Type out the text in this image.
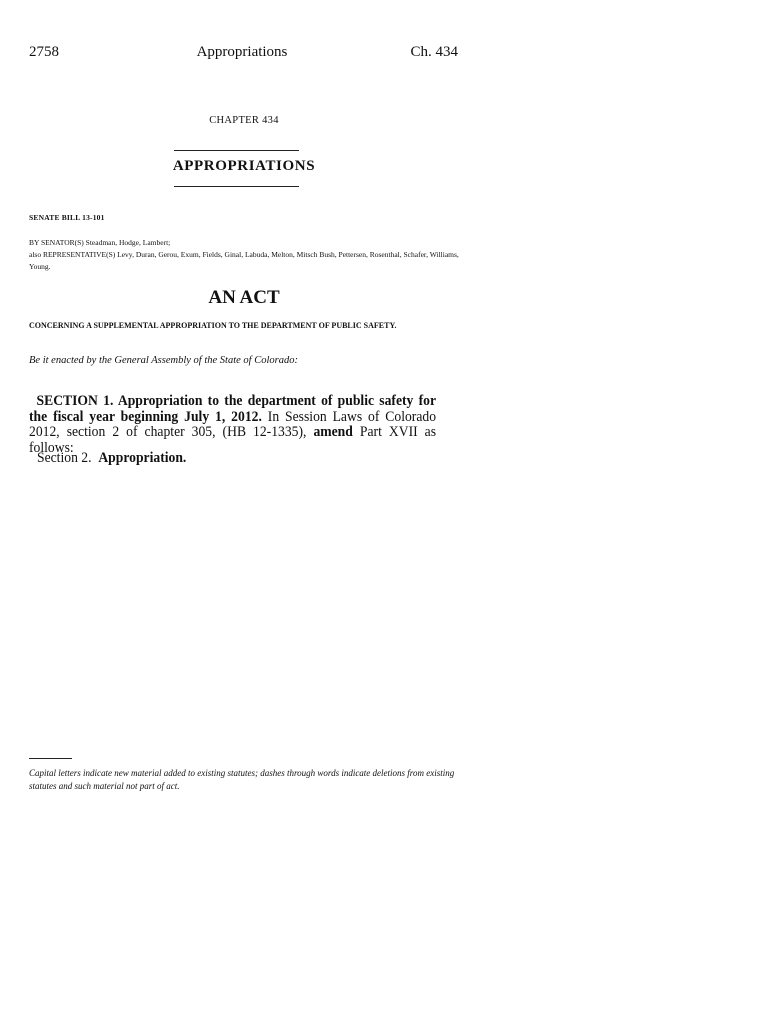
2758	Appropriations	Ch. 434
CHAPTER 434
APPROPRIATIONS
SENATE BILL 13-101
BY SENATOR(S) Steadman, Hodge, Lambert;
also REPRESENTATIVE(S) Levy, Duran, Gerou, Exum, Fields, Ginal, Labuda, Melton, Mitsch Bush, Pettersen, Rosenthal, Schafer, Williams, Young.
AN ACT
CONCERNING A SUPPLEMENTAL APPROPRIATION TO THE DEPARTMENT OF PUBLIC SAFETY.
Be it enacted by the General Assembly of the State of Colorado:
SECTION 1. Appropriation to the department of public safety for the fiscal year beginning July 1, 2012. In Session Laws of Colorado 2012, section 2 of chapter 305, (HB 12-1335), amend Part XVII as follows:
Section 2. Appropriation.
Capital letters indicate new material added to existing statutes; dashes through words indicate deletions from existing statutes and such material not part of act.
